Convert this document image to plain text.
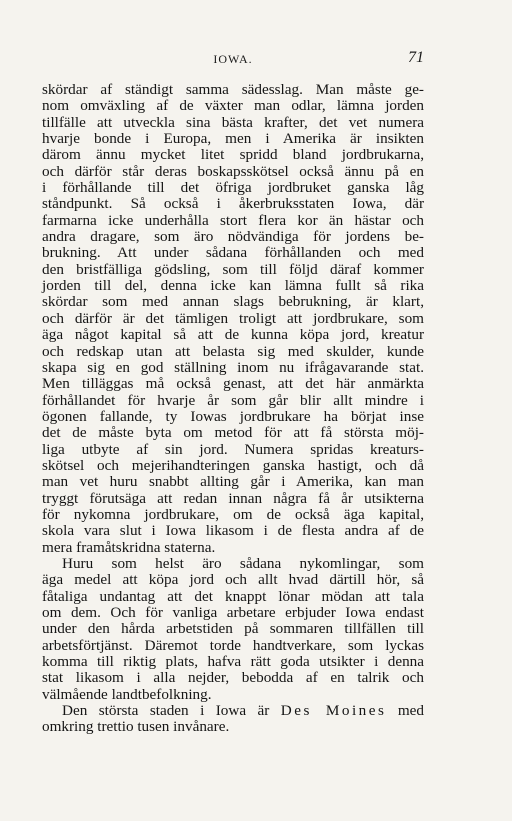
IOWA.	71
skördar af ständigt samma sädesslag. Man måste ge-
nom omväxling af de växter man odlar, lämna jorden
tillfälle att utveckla sina bästa krafter, det vet numera
hvarje bonde i Europa, men i Amerika är insikten
därom ännu mycket litet spridd bland jordbrukarna,
och därför står deras boskapsskötsel också ännu på en
i förhållande till det öfriga jordbruket ganska låg
ståndpunkt. Så också i åkerbruksstaten Iowa, där
farmarna icke underhålla stort flera kor än hästar och
andra dragare, som äro nödvändiga för jordens be-
brukning. Att under sådana förhållanden och med
den bristfälliga gödsling, som till följd däraf kommer
jorden till del, denna icke kan lämna fullt så rika
skördar som med annan slags bebrukning, är klart,
och därför är det tämligen troligt att jordbrukare, som
äga något kapital så att de kunna köpa jord, kreatur
och redskap utan att belasta sig med skulder, kunde
skapa sig en god ställning inom nu ifrågavarande stat.
Men tilläggas må också genast, att det här anmärkta
förhållandet för hvarje år som går blir allt mindre i
ögonen fallande, ty Iowas jordbrukare ha börjat inse
det de måste byta om metod för att få största möj-
liga utbyte af sin jord. Numera spridas kreaturs-
skötsel och mejerihandteringen ganska hastigt, och då
man vet huru snabbt allting går i Amerika, kan man
tryggt förutsäga att redan innan några få år utsikterna
för nykomna jordbrukare, om de också äga kapital,
skola vara slut i Iowa likasom i de flesta andra af de
mera framåtskridna staterna.
Huru som helst äro sådana nykomlingar, som
äga medel att köpa jord och allt hvad därtill hör, så
fåtaliga undantag att det knappt lönar mödan att tala
om dem. Och för vanliga arbetare erbjuder Iowa endast
under den hårda arbetstiden på sommaren tillfällen till
arbetsförtjänst. Däremot torde handtverkare, som lyckas
komma till riktig plats, hafva rätt goda utsikter i denna
stat likasom i alla nejder, bebodda af en talrik och
välmående landtbefolkning.
Den största staden i Iowa är Des Moines med
omkring trettio tusen invånare.
